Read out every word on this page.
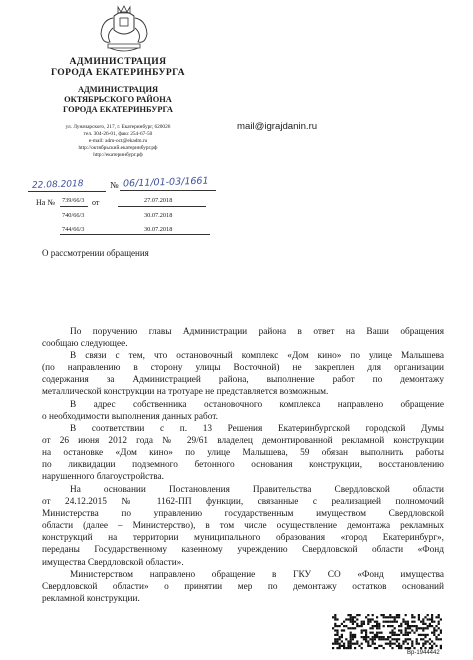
АДМИНИСТРАЦИЯ
ГОРОДА ЕКАТЕРИНБУРГА
АДМИНИСТРАЦИЯ
ОКТЯБРЬСКОГО РАЙОНА
ГОРОДА ЕКАТЕРИНБУРГА
ул. Луначарского, 217, г. Екатеринбург, 620026
тел. 304-26-01, факс 254-67-50
e-mail: adm-oct@ekadm.ru
http://октябрьский.екатеринбург.рф
http://екатеринбург.рф
mail@igrajdanin.ru
22.08.2018	№ 06/11/01-03/1661
На № 739/66/3 от	27.07.2018
740/66/3	30.07.2018
744/66/3	30.07.2018
О рассмотрении обращения
По поручению главы Администрации района в ответ на Ваши обращения
сообщаю следующее.
В связи с тем, что остановочный комплекс «Дом кино» по улице Малышева
(по направлению в сторону улицы Восточной) не закреплен для организации
содержания за Администрацией района, выполнение работ по демонтажу
металлической конструкции на тротуаре не представляется возможным.
В адрес собственника остановочного комплекса направлено обращение
о необходимости выполнения данных работ.
В соответствии с п. 13 Решения Екатеринбургской городской Думы
от 26 июня 2012 года № 29/61 владелец демонтированной рекламной конструкции
на остановке «Дом кино» по улице Малышева, 59 обязан выполнить работы
по ликвидации подземного бетонного основания конструкции, восстановлению
нарушенного благоустройства.
На основании Постановления Правительства Свердловской области
от 24.12.2015 № 1162-ПП функции, связанные с реализацией полномочий
Министерства по управлению государственным имуществом Свердловской
области (далее – Министерство), в том числе осуществление демонтажа рекламных
конструкций на территории муниципального образования «город Екатеринбург»,
переданы Государственному казенному учреждению Свердловской области «Фонд
имущества Свердловской области».
Министерством направлено обращение в ГКУ СО «Фонд имущества
Свердловской области» о принятии мер по демонтажу остатков оснований
рекламной конструкции.
Вр-1944442
